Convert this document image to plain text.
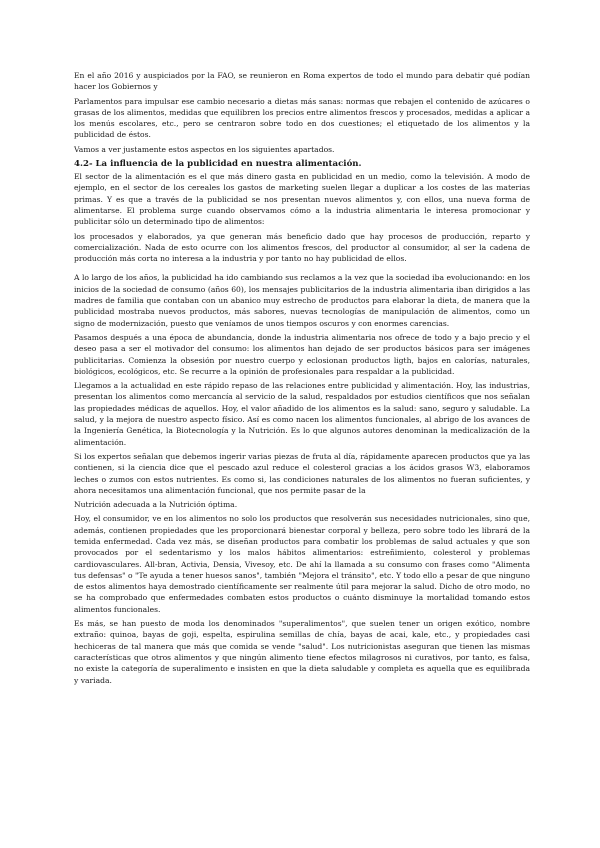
En el año 2016 y auspiciados por la FAO, se reunieron en Roma expertos de todo el mundo para debatir qué podían hacer los Gobiernos y

Parlamentos para impulsar ese cambio necesario a dietas más sanas: normas que rebajen el contenido de azúcares o grasas de los alimentos, medidas que equilibren los precios entre alimentos frescos y procesados, medidas a aplicar a los menús escolares, etc., pero se centraron sobre todo en dos cuestiones; el etiquetado de los alimentos y la publicidad de éstos.

Vamos a ver justamente estos aspectos en los siguientes apartados.

4.2- La influencia de la publicidad en nuestra alimentación.

El sector de la alimentación es el que más dinero gasta en publicidad en un medio, como la televisión. A modo de ejemplo, en el sector de los cereales los gastos de marketing suelen llegar a duplicar a los costes de las materias primas. Y es que a través de la publicidad se nos presentan nuevos alimentos y, con ellos, una nueva forma de alimentarse. El problema surge cuando observamos cómo a la industria alimentaria le interesa promocionar y publicitar sólo un determinado tipo de alimentos:

los procesados y elaborados, ya que generan más beneficio dado que hay procesos de producción, reparto y comercialización. Nada de esto ocurre con los alimentos frescos, del productor al consumidor, al ser la cadena de producción más corta no interesa a la industria y por tanto no hay publicidad de ellos.

A lo largo de los años, la publicidad ha ido cambiando sus reclamos a la vez que la sociedad iba evolucionando: en los inicios de la sociedad de consumo (años 60), los mensajes publicitarios de la industria alimentaria iban dirigidos a las madres de familia que contaban con un abanico muy estrecho de productos para elaborar la dieta, de manera que la publicidad mostraba nuevos productos, más sabores, nuevas tecnologías de manipulación de alimentos, como un signo de modernización, puesto que veníamos de unos tiempos oscuros y con enormes carencias.

Pasamos después a una época de abundancia, donde la industria alimentaria nos ofrece de todo y a bajo precio y el deseo pasa a ser el motivador del consumo: los alimentos han dejado de ser productos básicos para ser imágenes publicitarias. Comienza la obsesión por nuestro cuerpo y eclosionan productos ligth, bajos en calorías, naturales, biológicos, ecológicos, etc. Se recurre a la opinión de profesionales para respaldar a la publicidad.

Llegamos a la actualidad en este rápido repaso de las relaciones entre publicidad y alimentación. Hoy, las industrias, presentan los alimentos como mercancía al servicio de la salud, respaldados por estudios científicos que nos señalan las propiedades médicas de aquellos. Hoy, el valor añadido de los alimentos es la salud: sano, seguro y saludable. La salud, y la mejora de nuestro aspecto físico. Así es como nacen los alimentos funcionales, al abrigo de los avances de la Ingeniería Genética, la Biotecnología y la Nutrición. Es lo que algunos autores denominan la medicalización de la alimentación.

Si los expertos señalan que debemos ingerir varias piezas de fruta al día, rápidamente aparecen productos que ya las contienen, si la ciencia dice que el pescado azul reduce el colesterol gracias a los ácidos grasos W3, elaboramos leches o zumos con estos nutrientes. Es como si, las condiciones naturales de los alimentos no fueran suficientes, y ahora necesitamos una alimentación funcional, que nos permite pasar de la

Nutrición adecuada a la Nutrición óptima.

Hoy, el consumidor, ve en los alimentos no solo los productos que resolverán sus necesidades nutricionales, sino que, además, contienen propiedades que les proporcionará bienestar corporal y belleza, pero sobre todo les librará de la temida enfermedad. Cada vez más, se diseñan productos para combatir los problemas de salud actuales y que son provocados por el sedentarismo y los malos hábitos alimentarios: estreñimiento, colesterol y problemas cardiovasculares. All-bran, Activia, Densia, Vivesoy, etc. De ahí la llamada a su consumo con frases como "Alimenta tus defensas" o "Te ayuda a tener huesos sanos", también "Mejora el tránsito", etc. Y todo ello a pesar de que ninguno de estos alimentos haya demostrado científicamente ser realmente útil para mejorar la salud. Dicho de otro modo, no se ha comprobado que enfermedades combaten estos productos o cuánto disminuye la mortalidad tomando estos alimentos funcionales.

Es más, se han puesto de moda los denominados "superalimentos", que suelen tener un origen exótico, nombre extraño: quinoa, bayas de goji, espelta, espirulina semillas de chía, bayas de acai, kale, etc., y propiedades casi hechiceras de tal manera que más que comida se vende "salud". Los nutricionistas aseguran que tienen las mismas características que otros alimentos y que ningún alimento tiene efectos milagrosos ni curativos, por tanto, es falsa, no existe la categoría de superalimento e insisten en que la dieta saludable y completa es aquella que es equilibrada y variada.
